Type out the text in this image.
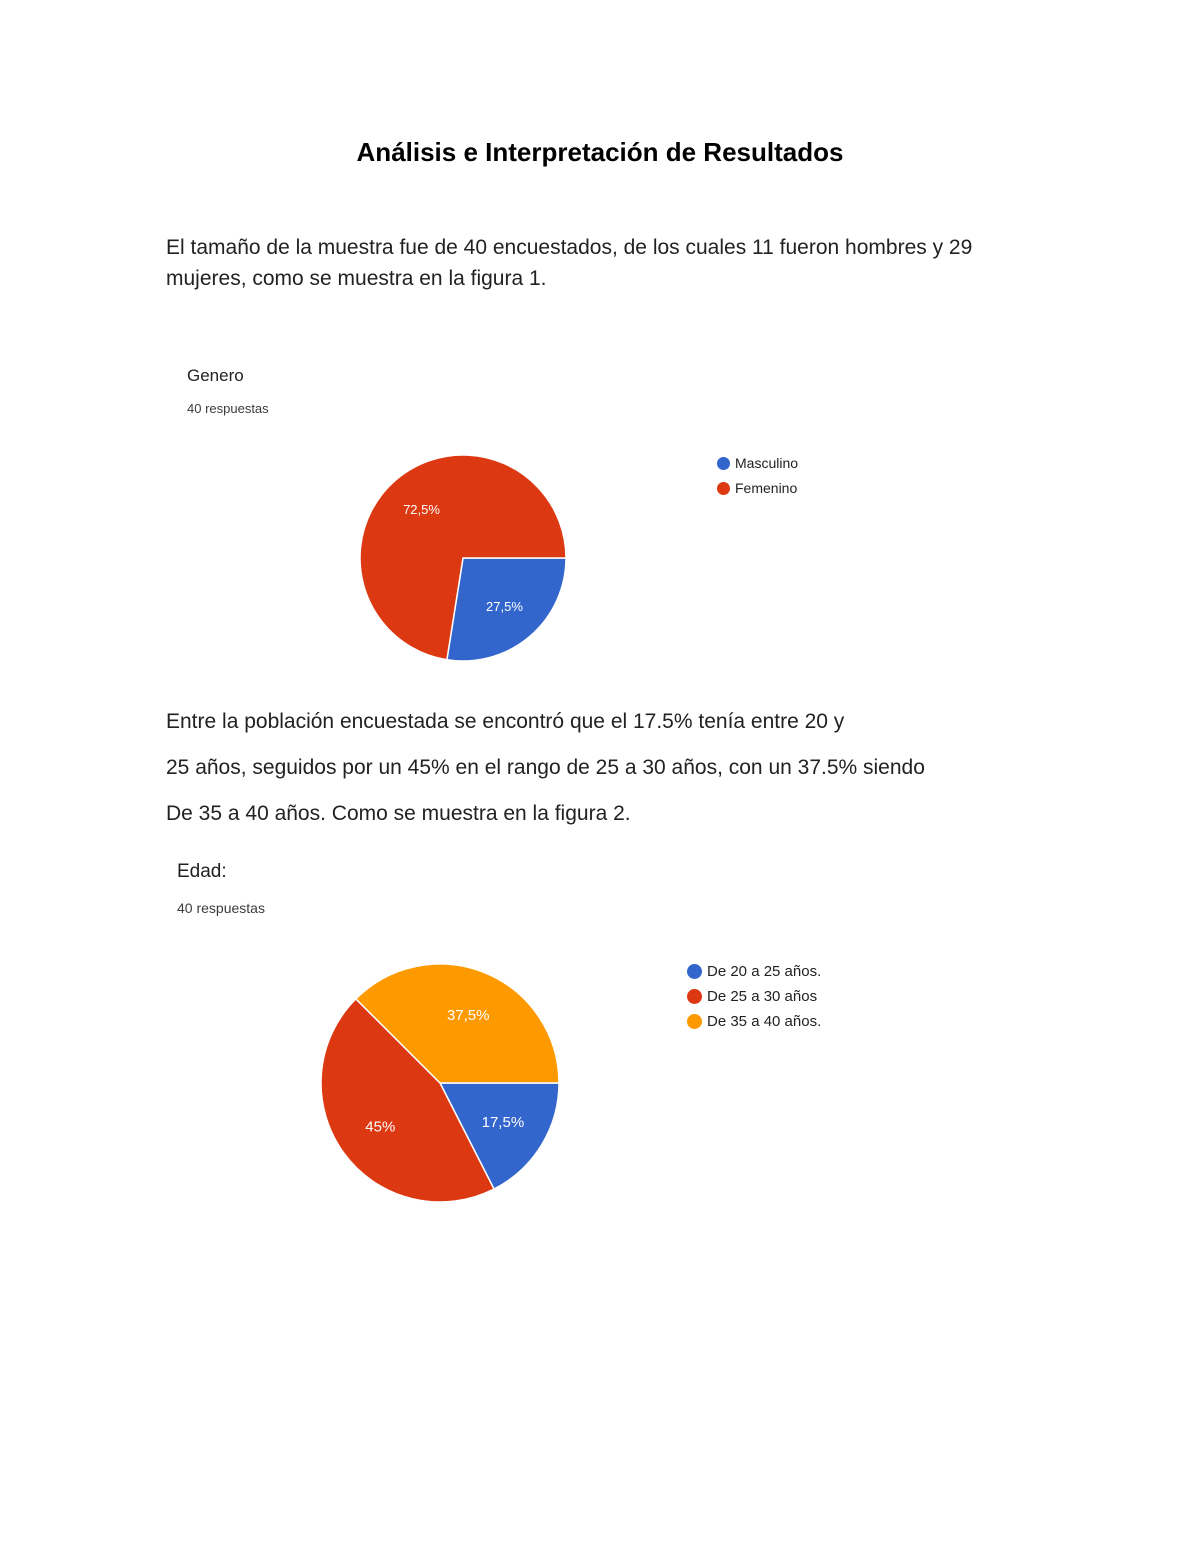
Análisis e Interpretación de Resultados

El tamaño de la muestra fue de 40 encuestados, de los cuales 11 fueron hombres y 29 mujeres, como se muestra en la figura 1.

Genero

40 respuestas

27,5%
72,5%
Masculino
Femenino

Entre la población encuestada se encontró que el 17.5% tenía entre 20 y

25 años, seguidos por un 45% en el rango de 25 a 30 años, con un 37.5% siendo

De 35 a 40 años. Como se muestra en la figura 2.

Edad:

40 respuestas

17,5%
45%
37,5%
De 20 a 25 años.
De 25 a 30 años
De 35 a 40 años.
